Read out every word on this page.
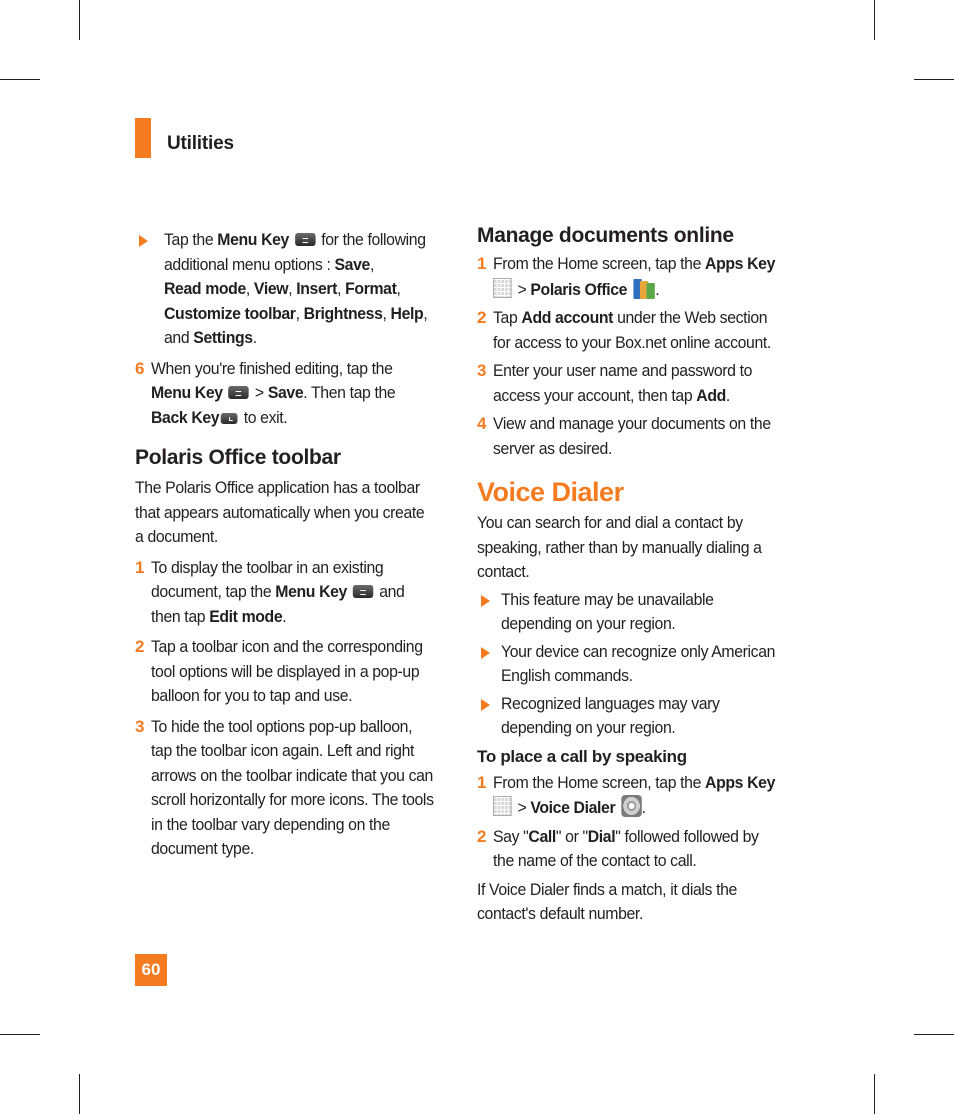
Utilities
Tap the Menu Key  for the following additional menu options : Save,
Read mode, View, Insert, Format,
Customize toolbar, Brightness, Help, and Settings.
6 When you're finished editing, tap the Menu Key  > Save. Then tap the Back Key to exit.
Polaris Office toolbar
The Polaris Office application has a toolbar that appears automatically when you create a document.
1 To display the toolbar in an existing document, tap the Menu Key  and then tap Edit mode.
2 Tap a toolbar icon and the corresponding tool options will be displayed in a pop-up balloon for you to tap and use.
3 To hide the tool options pop-up balloon, tap the toolbar icon again. Left and right arrows on the toolbar indicate that you can scroll horizontally for more icons. The tools in the toolbar vary depending on the document type.
Manage documents online
1 From the Home screen, tap the Apps Key
> Polaris Office .
2 Tap Add account under the Web section for access to your Box.net online account.
3 Enter your user name and password to access your account, then tap Add.
4 View and manage your documents on the server as desired.
Voice Dialer
You can search for and dial a contact by speaking, rather than by manually dialing a contact.
This feature may be unavailable depending on your region.
Your device can recognize only American English commands.
Recognized languages may vary depending on your region.
To place a call by speaking
1 From the Home screen, tap the Apps Key
> Voice Dialer .
2 Say "Call" or "Dial" followed followed by the name of the contact to call.
If Voice Dialer finds a match, it dials the contact's default number.
60
